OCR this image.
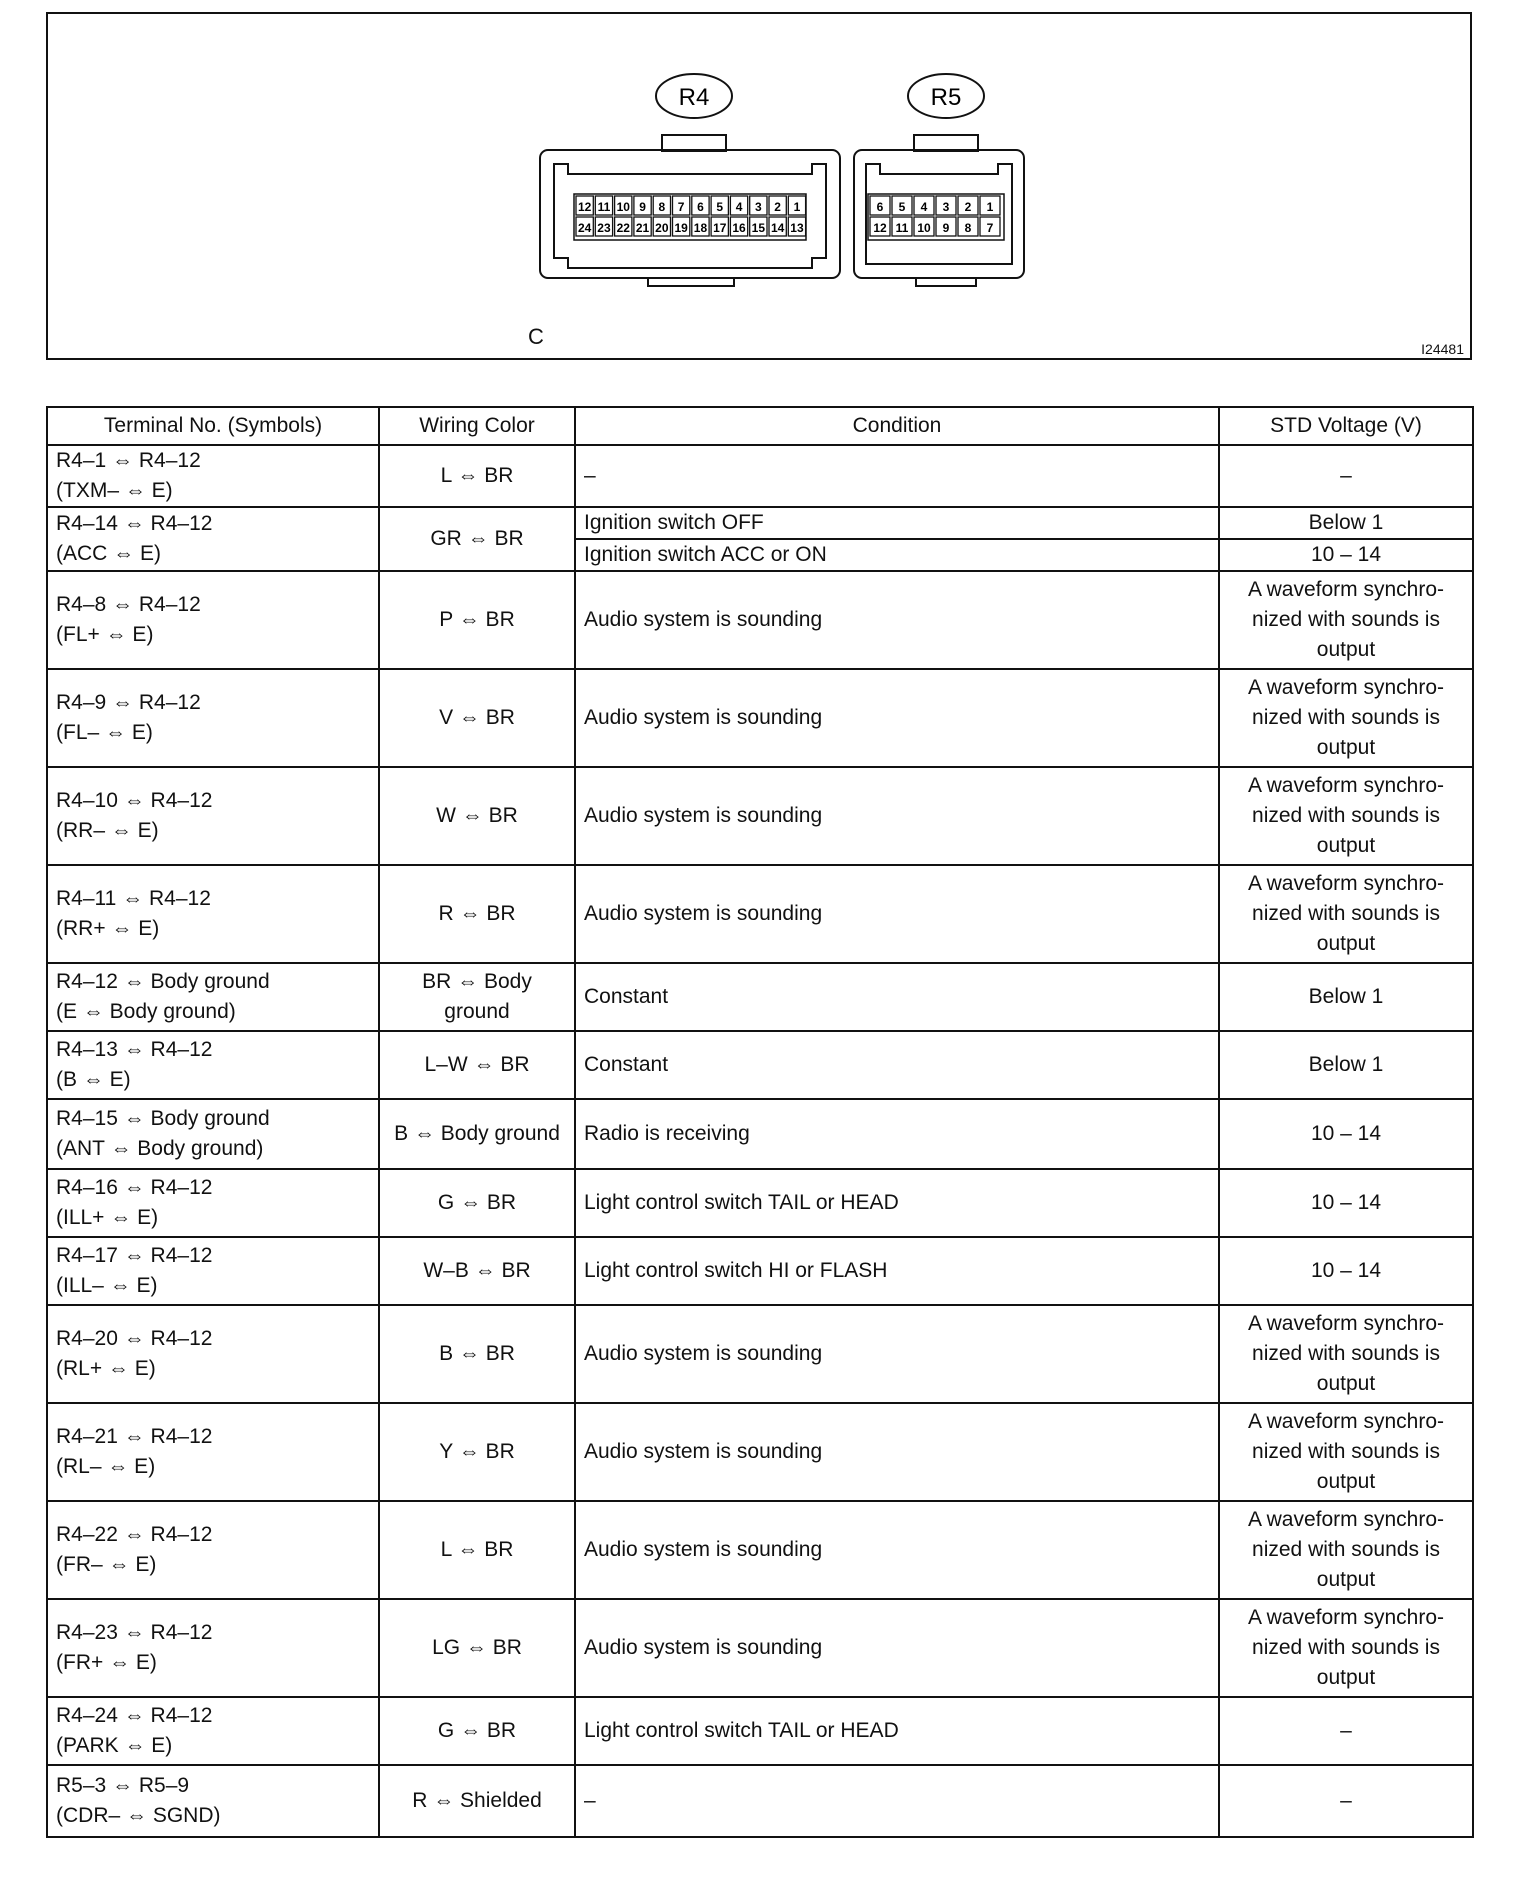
R4	R5
12 11 10 9 8 7 6 5 4 3 2 1
24 23 22 21 20 19 18 17 16 15 14 13
6 5 4 3 2 1
12 11 10 9 8 7
C	I24481
Terminal No. (Symbols)	Wiring Color	Condition	STD Voltage (V)

R4–1 ⇔ R4–12
(TXM– ⇔ E)	L ⇔ BR	–	–

R4–14 ⇔ R4–12
(ACC ⇔ E)	GR ⇔ BR	Ignition switch OFF	Below 1

		Ignition switch ACC or ON	10 – 14

R4–8 ⇔ R4–12
(FL+ ⇔ E)	P ⇔ BR	Audio system is sounding	A waveform synchro-
nized with sounds is
output

R4–9 ⇔ R4–12
(FL– ⇔ E)	V ⇔ BR	Audio system is sounding	A waveform synchro-
nized with sounds is
output

R4–10 ⇔ R4–12
(RR– ⇔ E)	W ⇔ BR	Audio system is sounding	A waveform synchro-
nized with sounds is
output

R4–11 ⇔ R4–12
(RR+ ⇔ E)	R ⇔ BR	Audio system is sounding	A waveform synchro-
nized with sounds is
output

R4–12 ⇔ Body ground
(E ⇔ Body ground)	BR ⇔ Body
ground	Constant	Below 1

R4–13 ⇔ R4–12
(B ⇔ E)	L–W ⇔ BR	Constant	Below 1

R4–15 ⇔ Body ground
(ANT ⇔ Body ground)	B ⇔ Body ground	Radio is receiving	10 – 14

R4–16 ⇔ R4–12
(ILL+ ⇔ E)	G ⇔ BR	Light control switch TAIL or HEAD	10 – 14

R4–17 ⇔ R4–12
(ILL– ⇔ E)	W–B ⇔ BR	Light control switch HI or FLASH	10 – 14

R4–20 ⇔ R4–12
(RL+ ⇔ E)	B ⇔ BR	Audio system is sounding	A waveform synchro-
nized with sounds is
output

R4–21 ⇔ R4–12
(RL– ⇔ E)	Y ⇔ BR	Audio system is sounding	A waveform synchro-
nized with sounds is
output

R4–22 ⇔ R4–12
(FR– ⇔ E)	L ⇔ BR	Audio system is sounding	A waveform synchro-
nized with sounds is
output

R4–23 ⇔ R4–12
(FR+ ⇔ E)	LG ⇔ BR	Audio system is sounding	A waveform synchro-
nized with sounds is
output

R4–24 ⇔ R4–12
(PARK ⇔ E)	G ⇔ BR	Light control switch TAIL or HEAD	–

R5–3 ⇔ R5–9
(CDR– ⇔ SGND)	R ⇔ Shielded	–	–
